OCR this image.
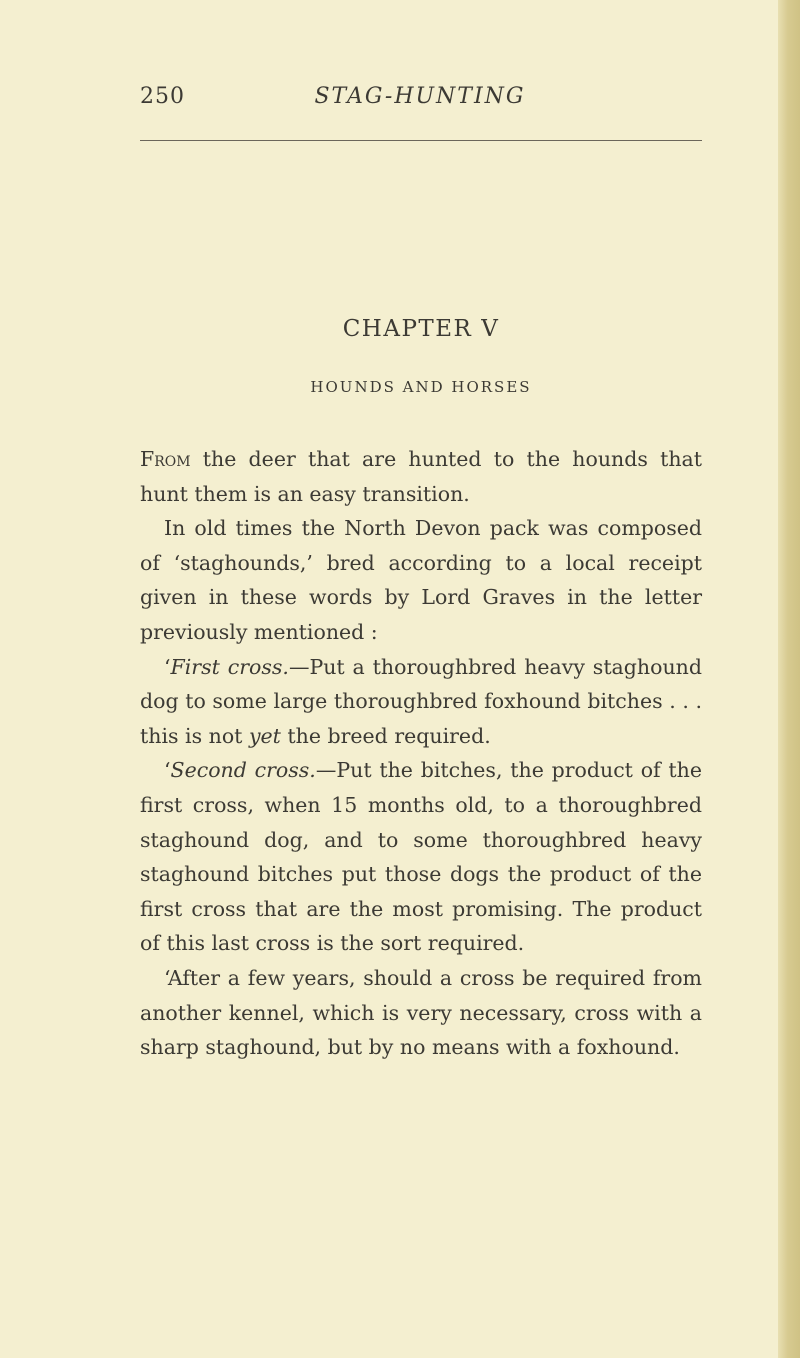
250	STAG-HUNTING
CHAPTER V
HOUNDS AND HORSES

From the deer that are hunted to the hounds that hunt them is an easy transition.

In old times the North Devon pack was composed of ‘staghounds,’ bred according to a local receipt given in these words by Lord Graves in the letter previously mentioned :

‘First cross.—Put a thoroughbred heavy staghound dog to some large thoroughbred foxhound bitches . . . this is not yet the breed required.

‘Second cross.—Put the bitches, the product of the first cross, when 15 months old, to a thoroughbred staghound dog, and to some thoroughbred heavy staghound bitches put those dogs the product of the first cross that are the most promising. The product of this last cross is the sort required.

‘After a few years, should a cross be required from another kennel, which is very necessary, cross with a sharp staghound, but by no means with a foxhound.
